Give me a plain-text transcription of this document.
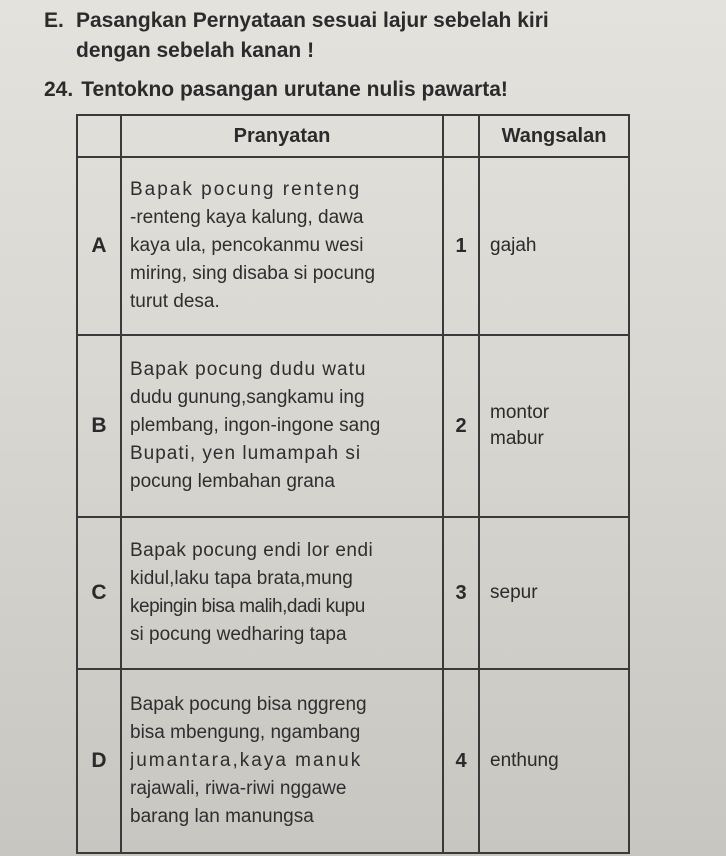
E. Pasangkan Pernyataan sesuai lajur sebelah kiri
dengan sebelah kanan !
24. Tentokno pasangan urutane nulis pawarta!
	Pranyatan		Wangsalan
A	Bapak pocung renteng
-renteng kaya kalung, dawa
kaya ula, pencokanmu wesi
miring, sing disaba si pocung
turut desa.	1	gajah

B	Bapak pocung dudu watu
dudu gunung,sangkamu ing
plembang, ingon-ingone sang
Bupati, yen lumampah si
pocung lembahan grana	2	montor
mabur

C	Bapak pocung endi lor endi
kidul,laku tapa brata,mung
kepingin bisa malih,dadi kupu
si pocung wedharing tapa	3	sepur

D	Bapak pocung bisa nggreng
bisa mbengung, ngambang
jumantara,kaya manuk
rajawali, riwa-riwi nggawe
barang lan manungsa	4	enthung
